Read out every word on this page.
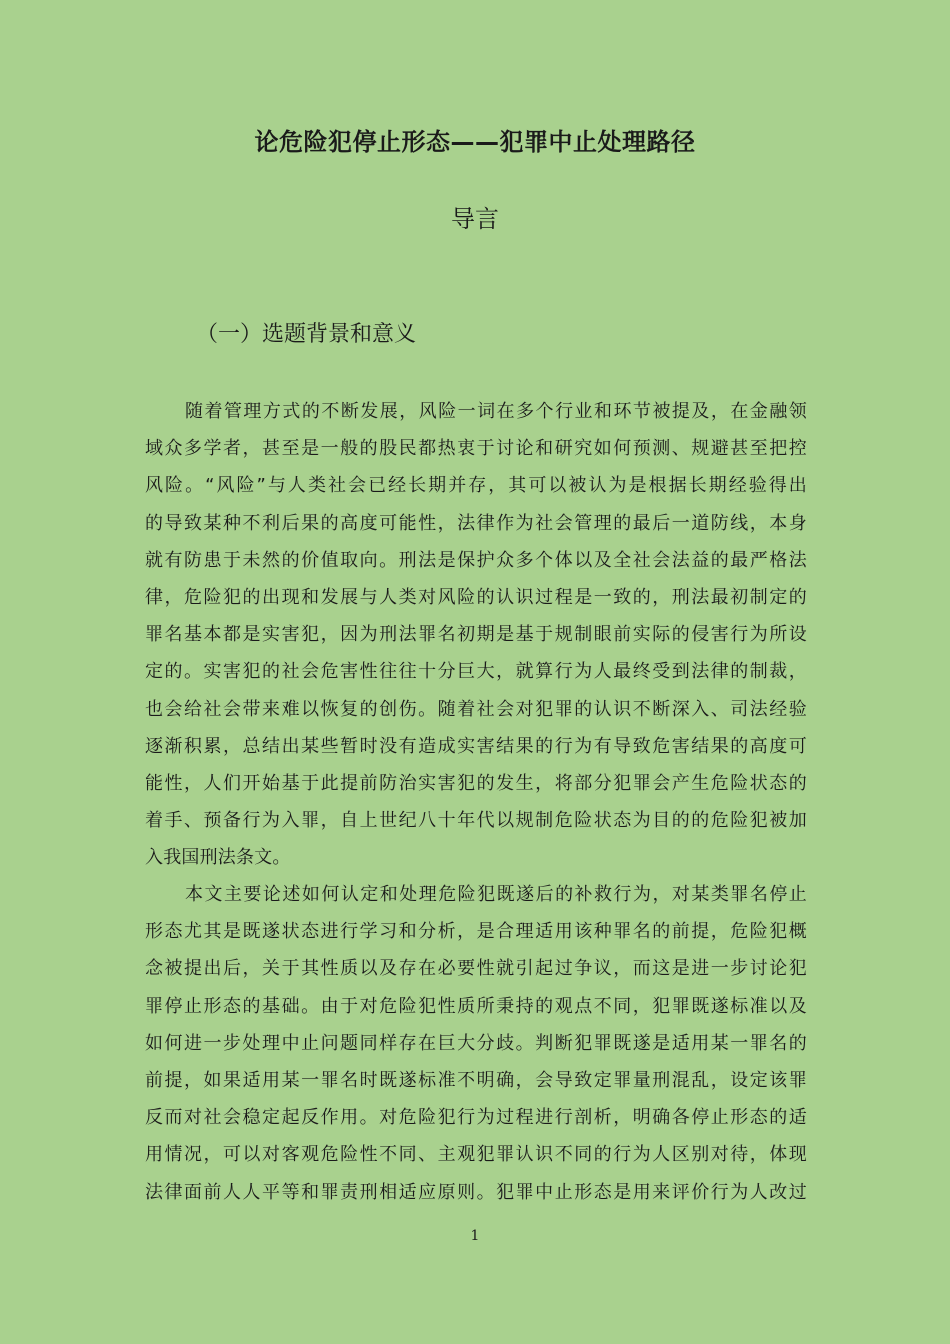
论危险犯停止形态——犯罪中止处理路径
导言
（一）选题背景和意义
随着管理方式的不断发展，风险一词在多个行业和环节被提及，在金融领
域众多学者，甚至是一般的股民都热衷于讨论和研究如何预测、规避甚至把控
风险。“风险”与人类社会已经长期并存，其可以被认为是根据长期经验得出
的导致某种不利后果的高度可能性，法律作为社会管理的最后一道防线，本身
就有防患于未然的价值取向。刑法是保护众多个体以及全社会法益的最严格法
律，危险犯的出现和发展与人类对风险的认识过程是一致的，刑法最初制定的
罪名基本都是实害犯，因为刑法罪名初期是基于规制眼前实际的侵害行为所设
定的。实害犯的社会危害性往往十分巨大，就算行为人最终受到法律的制裁，
也会给社会带来难以恢复的创伤。随着社会对犯罪的认识不断深入、司法经验
逐渐积累，总结出某些暂时没有造成实害结果的行为有导致危害结果的高度可
能性，人们开始基于此提前防治实害犯的发生，将部分犯罪会产生危险状态的
着手、预备行为入罪，自上世纪八十年代以规制危险状态为目的的危险犯被加
入我国刑法条文。
本文主要论述如何认定和处理危险犯既遂后的补救行为，对某类罪名停止
形态尤其是既遂状态进行学习和分析，是合理适用该种罪名的前提，危险犯概
念被提出后，关于其性质以及存在必要性就引起过争议，而这是进一步讨论犯
罪停止形态的基础。由于对危险犯性质所秉持的观点不同，犯罪既遂标准以及
如何进一步处理中止问题同样存在巨大分歧。判断犯罪既遂是适用某一罪名的
前提，如果适用某一罪名时既遂标准不明确，会导致定罪量刑混乱，设定该罪
反而对社会稳定起反作用。对危险犯行为过程进行剖析，明确各停止形态的适
用情况，可以对客观危险性不同、主观犯罪认识不同的行为人区别对待，体现
法律面前人人平等和罪责刑相适应原则。犯罪中止形态是用来评价行为人改过
1
